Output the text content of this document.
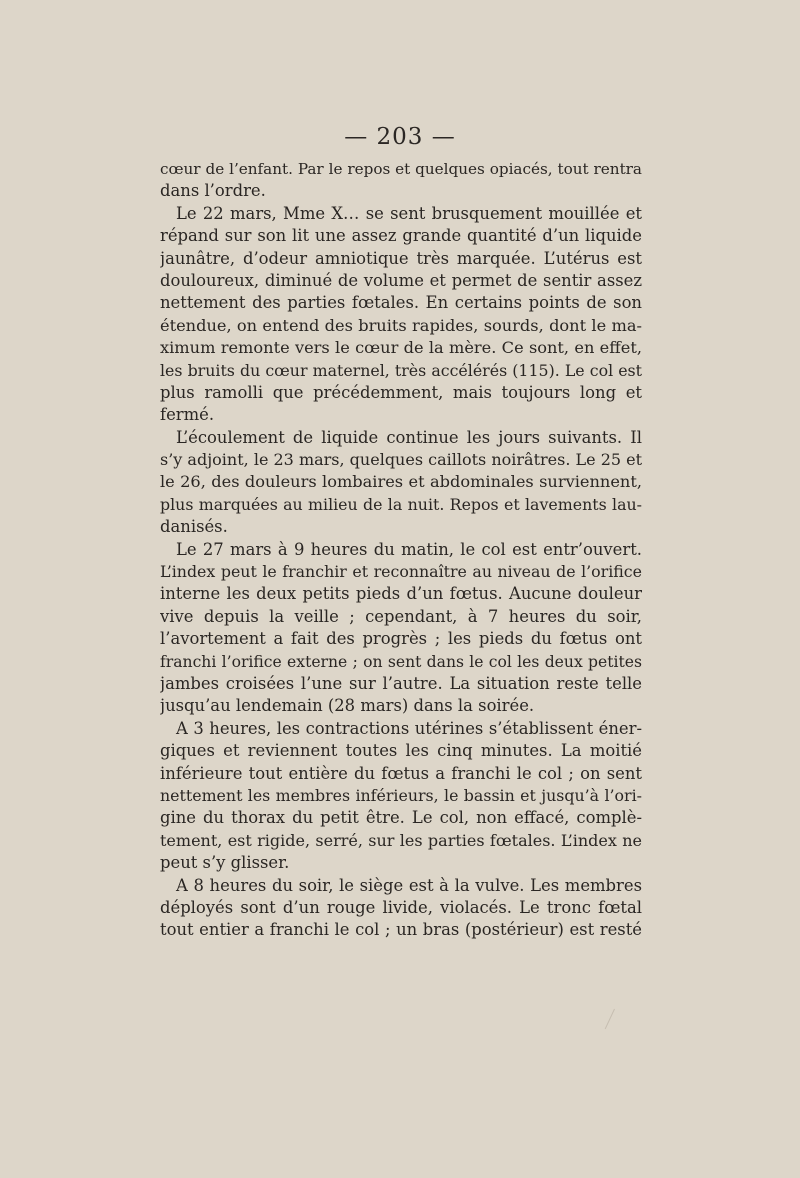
— 203 —
cœur de l’enfant. Par le repos et quelques opiacés, tout rentra
dans l’ordre.
Le 22 mars, Mme X… se sent brusquement mouillée et
répand sur son lit une assez grande quantité d’un liquide
jaunâtre, d’odeur amniotique très marquée. L’utérus est
douloureux, diminué de volume et permet de sentir assez
nettement des parties fœtales. En certains points de son
étendue, on entend des bruits rapides, sourds, dont le ma-
ximum remonte vers le cœur de la mère. Ce sont, en effet,
les bruits du cœur maternel, très accélérés (115). Le col est
plus ramolli que précédemment, mais toujours long et
fermé.
L’écoulement de liquide continue les jours suivants. Il
s’y adjoint, le 23 mars, quelques caillots noirâtres. Le 25 et
le 26, des douleurs lombaires et abdominales surviennent,
plus marquées au milieu de la nuit. Repos et lavements lau-
danisés.
Le 27 mars à 9 heures du matin, le col est entr’ouvert.
L’index peut le franchir et reconnaître au niveau de l’orifice
interne les deux petits pieds d’un fœtus. Aucune douleur
vive depuis la veille ; cependant, à 7 heures du soir,
l’avortement a fait des progrès ; les pieds du fœtus ont
franchi l’orifice externe ; on sent dans le col les deux petites
jambes croisées l’une sur l’autre. La situation reste telle
jusqu’au lendemain (28 mars) dans la soirée.
A 3 heures, les contractions utérines s’établissent éner-
giques et reviennent toutes les cinq minutes. La moitié
inférieure tout entière du fœtus a franchi le col ; on sent
nettement les membres inférieurs, le bassin et jusqu’à l’ori-
gine du thorax du petit être. Le col, non effacé, complè-
tement, est rigide, serré, sur les parties fœtales. L’index ne
peut s’y glisser.
A 8 heures du soir, le siège est à la vulve. Les membres
déployés sont d’un rouge livide, violacés. Le tronc fœtal
tout entier a franchi le col ; un bras (postérieur) est resté
